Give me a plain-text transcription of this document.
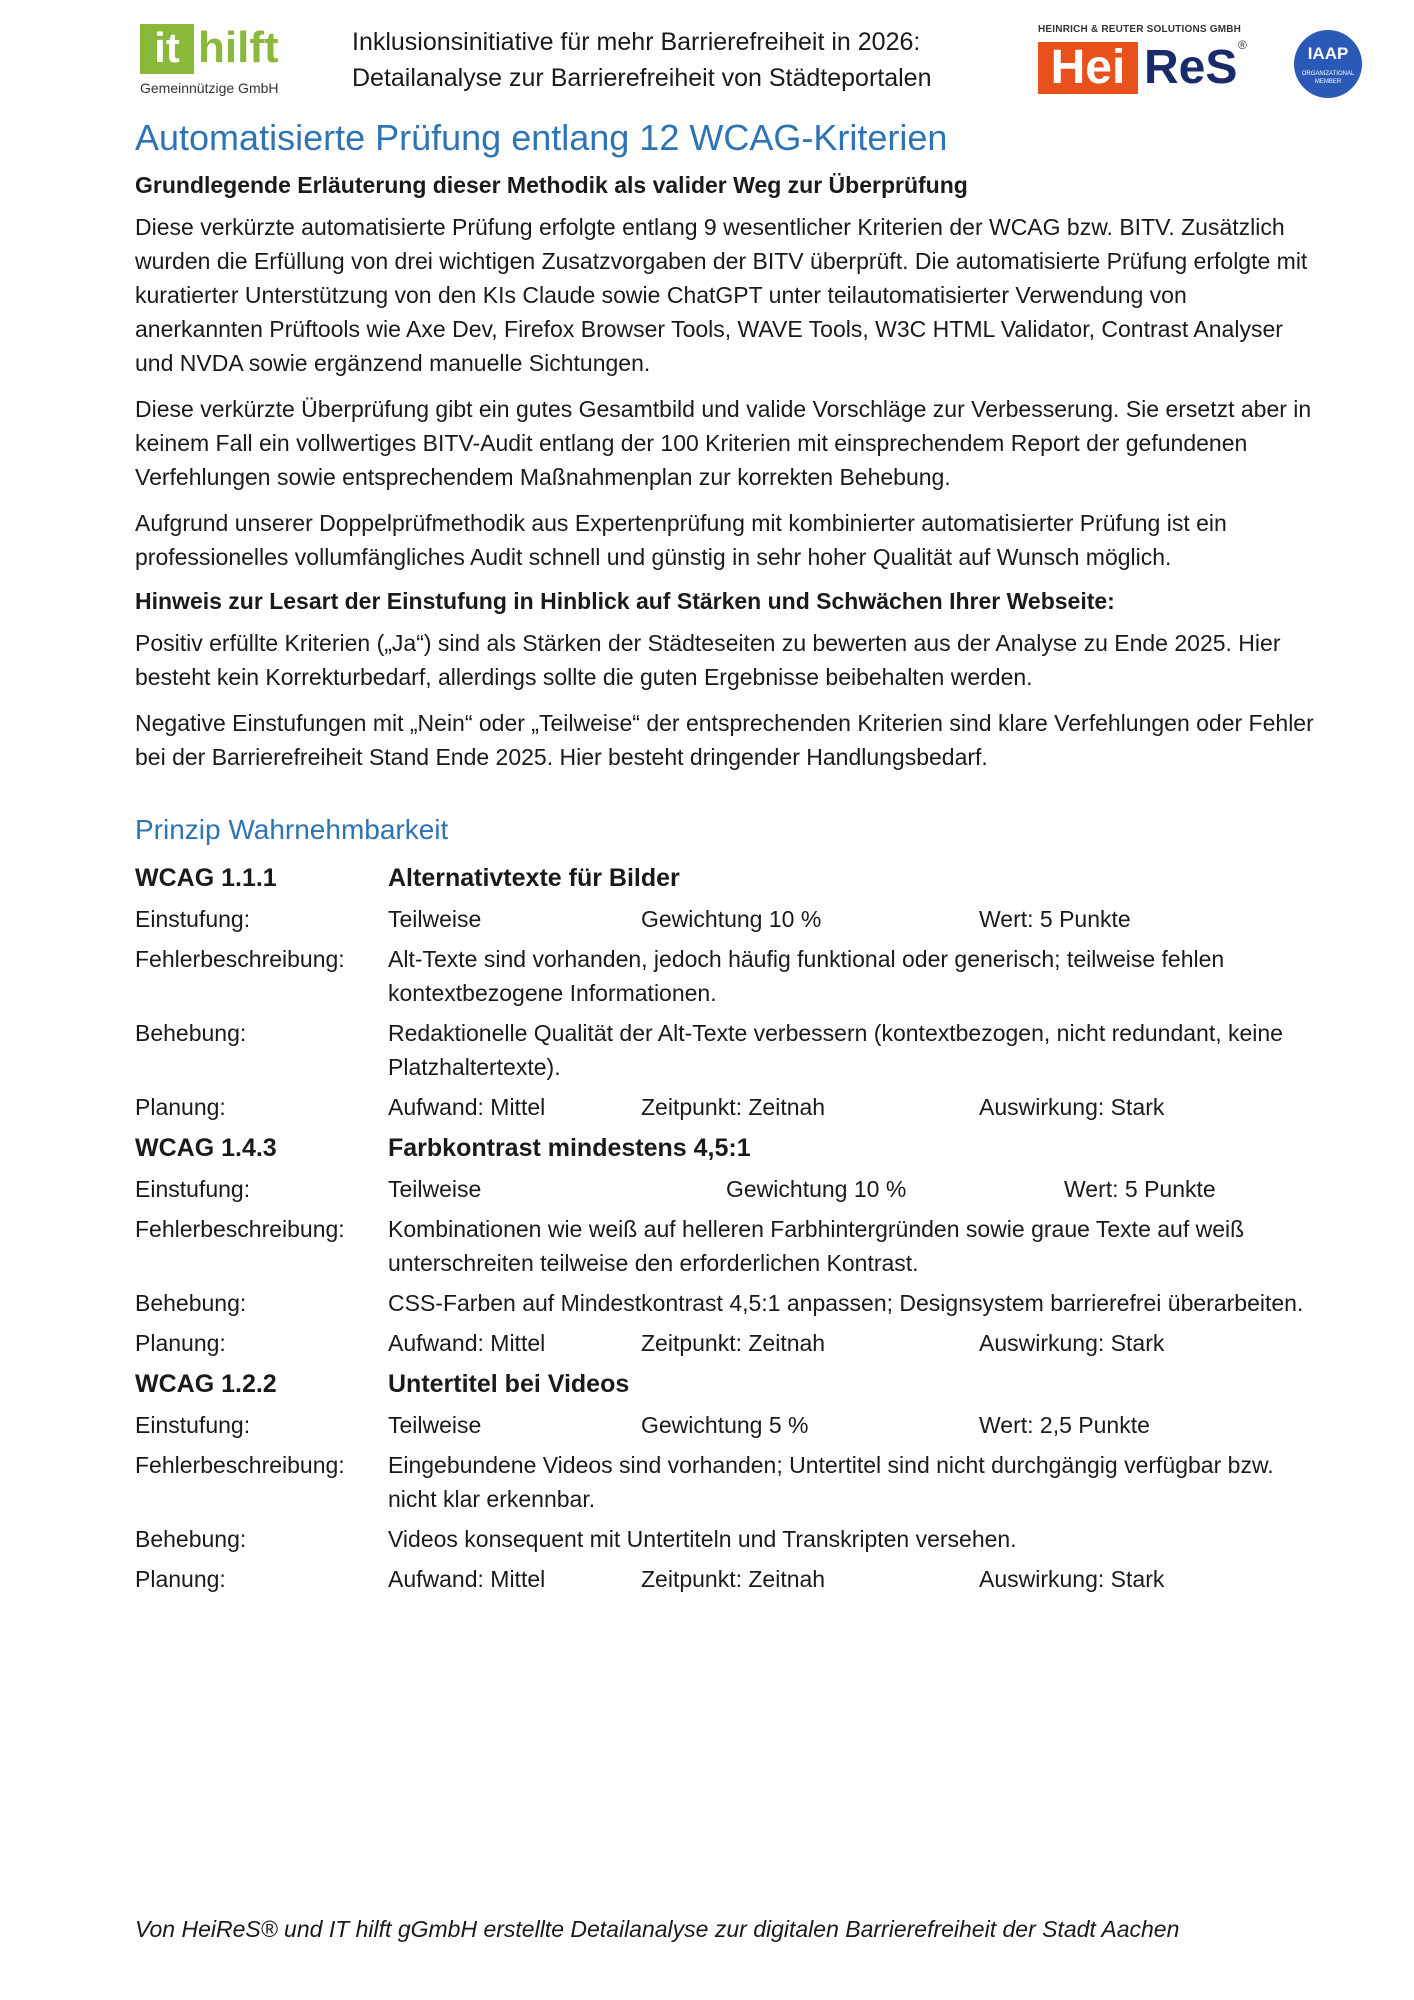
it hilft
Gemeinnützige GmbH
Inklusionsinitiative für mehr Barrierefreiheit in 2026:
Detailanalyse zur Barrierefreiheit von Städteportalen
HEINRICH & REUTER SOLUTIONS GMBH
Hei ReS ®	IAAP
ORGANIZATIONAL MEMBER
Automatisierte Prüfung entlang 12 WCAG-Kriterien
Grundlegende Erläuterung dieser Methodik als valider Weg zur Überprüfung

Diese verkürzte automatisierte Prüfung erfolgte entlang 9 wesentlicher Kriterien der WCAG bzw. BITV. Zusätzlich wurden die Erfüllung von drei wichtigen Zusatzvorgaben der BITV überprüft. Die automatisierte Prüfung erfolgte mit kuratierter Unterstützung von den KIs Claude sowie ChatGPT unter teilautomatisierter Verwendung von anerkannten Prüftools wie Axe Dev, Firefox Browser Tools, WAVE Tools, W3C HTML Validator, Contrast Analyser und NVDA sowie ergänzend manuelle Sichtungen.

Diese verkürzte Überprüfung gibt ein gutes Gesamtbild und valide Vorschläge zur Verbesserung. Sie ersetzt aber in keinem Fall ein vollwertiges BITV-Audit entlang der 100 Kriterien mit einsprechendem Report der gefundenen Verfehlungen sowie entsprechendem Maßnahmenplan zur korrekten Behebung.

Aufgrund unserer Doppelprüfmethodik aus Expertenprüfung mit kombinierter automatisierter Prüfung ist ein professionelles vollumfängliches Audit schnell und günstig in sehr hoher Qualität auf Wunsch möglich.

Hinweis zur Lesart der Einstufung in Hinblick auf Stärken und Schwächen Ihrer Webseite:

Positiv erfüllte Kriterien („Ja“) sind als Stärken der Städteseiten zu bewerten aus der Analyse zu Ende 2025. Hier besteht kein Korrekturbedarf, allerdings sollte die guten Ergebnisse beibehalten werden.

Negative Einstufungen mit „Nein“ oder „Teilweise“ der entsprechenden Kriterien sind klare Verfehlungen oder Fehler bei der Barrierefreiheit Stand Ende 2025. Hier besteht dringender Handlungsbedarf.

Prinzip Wahrnehmbarkeit
WCAG 1.1.1	Alternativtexte für Bilder
Einstufung:	Teilweise	Gewichtung 10 %	Wert: 5 Punkte
Fehlerbeschreibung:	Alt-Texte sind vorhanden, jedoch häufig funktional oder generisch; teilweise fehlen kontextbezogene Informationen.
Behebung:	Redaktionelle Qualität der Alt-Texte verbessern (kontextbezogen, nicht redundant, keine Platzhaltertexte).
Planung:	Aufwand: Mittel	Zeitpunkt: Zeitnah	Auswirkung: Stark
WCAG 1.4.3	Farbkontrast mindestens 4,5:1
Einstufung:	Teilweise	Gewichtung 10 %	Wert: 5 Punkte
Fehlerbeschreibung:	Kombinationen wie weiß auf helleren Farbhintergründen sowie graue Texte auf weiß unterschreiten teilweise den erforderlichen Kontrast.
Behebung:	CSS-Farben auf Mindestkontrast 4,5:1 anpassen; Designsystem barrierefrei überarbeiten.
Planung:	Aufwand: Mittel	Zeitpunkt: Zeitnah	Auswirkung: Stark
WCAG 1.2.2	Untertitel bei Videos
Einstufung:	Teilweise	Gewichtung 5 %	Wert: 2,5 Punkte
Fehlerbeschreibung:	Eingebundene Videos sind vorhanden; Untertitel sind nicht durchgängig verfügbar bzw. nicht klar erkennbar.
Behebung:	Videos konsequent mit Untertiteln und Transkripten versehen.
Planung:	Aufwand: Mittel	Zeitpunkt: Zeitnah	Auswirkung: Stark
Von HeiReS® und IT hilft gGmbH erstellte Detailanalyse zur digitalen Barrierefreiheit der Stadt Aachen
